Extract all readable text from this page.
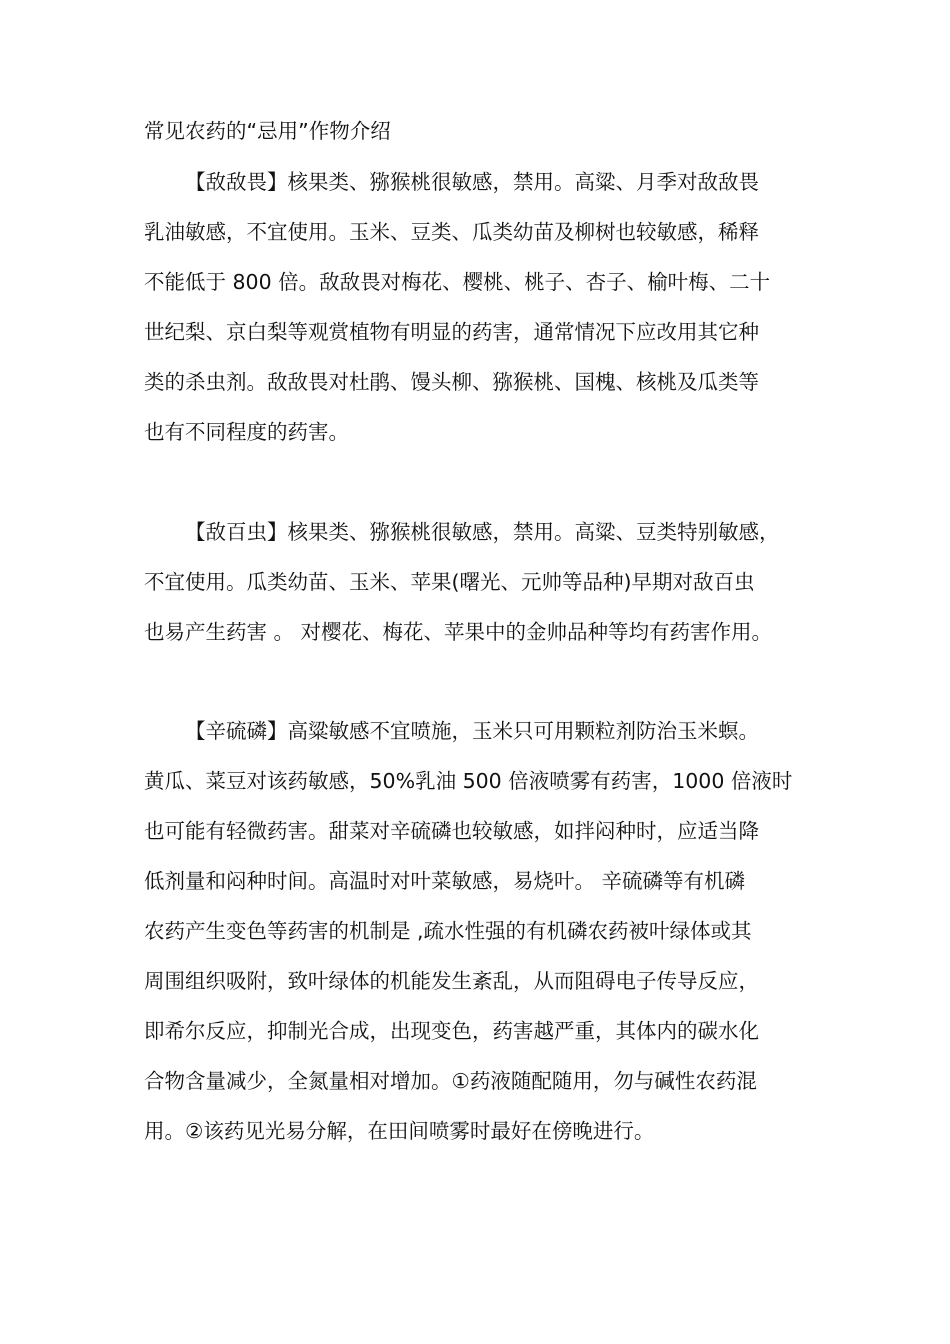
常见农药的“忌用”作物介绍
【敌敌畏】核果类、猕猴桃很敏感，禁用。高粱、月季对敌敌畏
乳油敏感，不宜使用。玉米、豆类、瓜类幼苗及柳树也较敏感，稀释
不能低于 800 倍。敌敌畏对梅花、樱桃、桃子、杏子、榆叶梅、二十
世纪梨、京白梨等观赏植物有明显的药害，通常情况下应改用其它种
类的杀虫剂。敌敌畏对杜鹃、馒头柳、猕猴桃、国槐、核桃及瓜类等
也有不同程度的药害。
【敌百虫】核果类、猕猴桃很敏感，禁用。高粱、豆类特别敏感，
不宜使用。瓜类幼苗、玉米、苹果(曙光、元帅等品种)早期对敌百虫
也易产生药害 。 对樱花、梅花、苹果中的金帅品种等均有药害作用。
【辛硫磷】高粱敏感不宜喷施，玉米只可用颗粒剂防治玉米螟。
黄瓜、菜豆对该药敏感，50%乳油 500 倍液喷雾有药害，1000 倍液时
也可能有轻微药害。甜菜对辛硫磷也较敏感，如拌闷种时，应适当降
低剂量和闷种时间。高温时对叶菜敏感，易烧叶。 辛硫磷等有机磷
农药产生变色等药害的机制是 ,疏水性强的有机磷农药被叶绿体或其
周围组织吸附，致叶绿体的机能发生紊乱，从而阻碍电子传导反应，
即希尔反应，抑制光合成，出现变色，药害越严重，其体内的碳水化
合物含量减少，全氮量相对增加。①药液随配随用，勿与碱性农药混
用。②该药见光易分解，在田间喷雾时最好在傍晚进行。
